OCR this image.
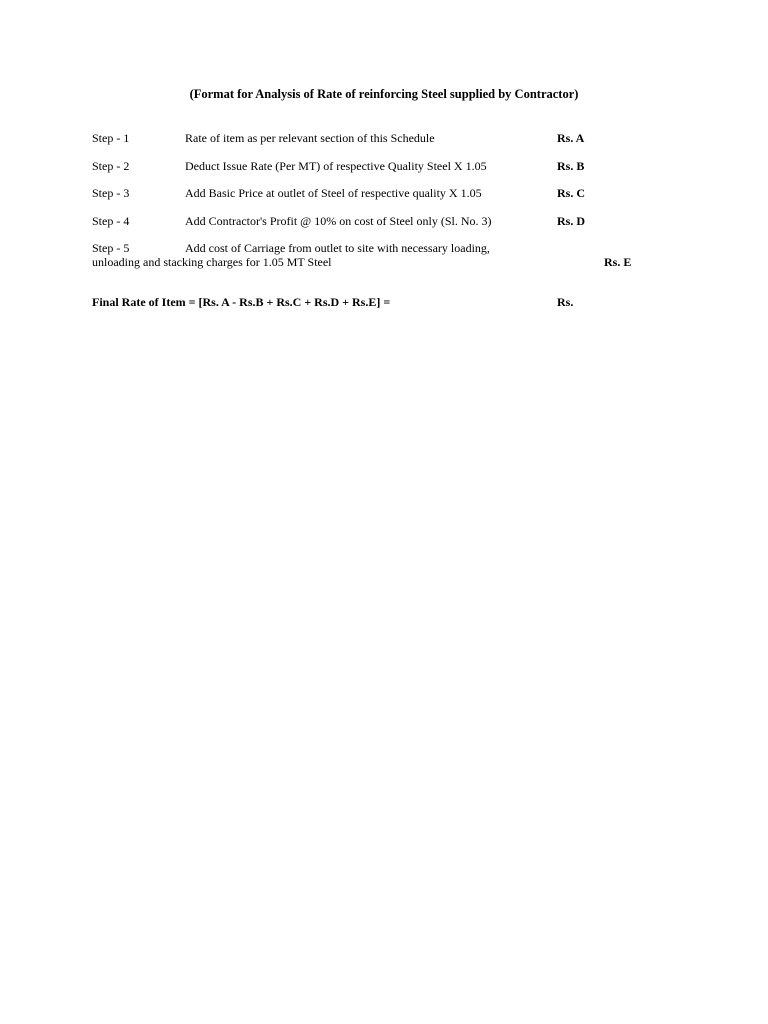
(Format for Analysis of Rate of reinforcing Steel supplied by Contractor)
Step - 1	Rate of item as per relevant section of this Schedule	Rs. A
Step - 2	Deduct Issue Rate (Per MT) of respective Quality Steel X 1.05	Rs. B
Step - 3	Add Basic Price at outlet of Steel of respective quality X 1.05	Rs. C
Step - 4	Add Contractor's Profit @ 10% on cost of Steel only (Sl. No. 3)	Rs. D
Step - 5	Add cost of Carriage from outlet to site with necessary loading,
unloading and stacking charges for 1.05 MT Steel	Rs. E
Final Rate of Item = [Rs. A - Rs.B + Rs.C + Rs.D + Rs.E] =	Rs.
